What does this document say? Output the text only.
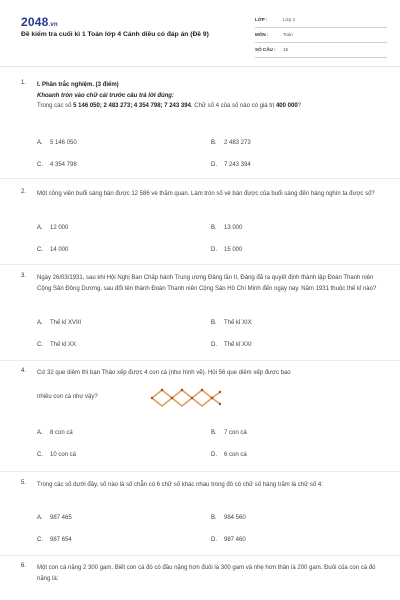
2048.vn
Đề kiểm tra cuối kì 1 Toán lớp 4 Cánh diều có đáp án (Đề 9)
LỚP :	Lớp 4
MÔN :	Toán
SỐ CÂU : 16
1. I. Phần trắc nghiệm. (3 điểm)
Khoanh tròn vào chữ cái trước câu trả lời đúng:
Trong các số 5 146 050; 2 483 273; 4 354 798; 7 243 394. Chữ số 4 của số nào có giá trị 400 000?
A. 5 146 050	B. 2 483 273
C. 4 354 798	D. 7 243 394
2. Một công viên buổi sáng bán được 12 586 vé thăm quan. Làm tròn số vé bán được của buổi sáng đến hàng nghìn ta được số?
A. 12 000	B. 13 000
C. 14 000	D. 15 000
3. Ngày 26/03/1931, sau khi Hội Nghị Ban Chấp hành Trung ương Đảng lần II, Đảng đã ra quyết định thành lập Đoàn Thanh niên Cộng Sản Đông Dương, sau đổi tên thành Đoàn Thanh niên Cộng Sản Hồ Chí Minh đến ngày nay. Năm 1931 thuộc thế kỉ nào?
A. Thế kỉ XVIII	B. Thế kỉ XIX
C. Thế kỉ XX	D. Thế kỉ XXI
4. Cứ 32 que diêm thì bạn Thảo xếp được 4 con cá (như hình vẽ). Hỏi 56 que diêm xếp được bao
nhiêu con cá như vậy?
A. 8 con cá	B. 7 con cá
C. 10 con cá	D. 6 con cá
5. Trong các số dưới đây, số nào là số chẵn có 6 chữ số khác nhau trong đó có chữ số hàng trăm là chữ số 4:
A. 987 465	B. 984 560
C. 987 654	D. 987 460
6. Một con cá nặng 2 300 gam. Biết con cá đó có đầu nặng hơn đuôi là 300 gam và nhẹ hơn thân là 200 gam. Đuôi của con cá đó nặng là:
